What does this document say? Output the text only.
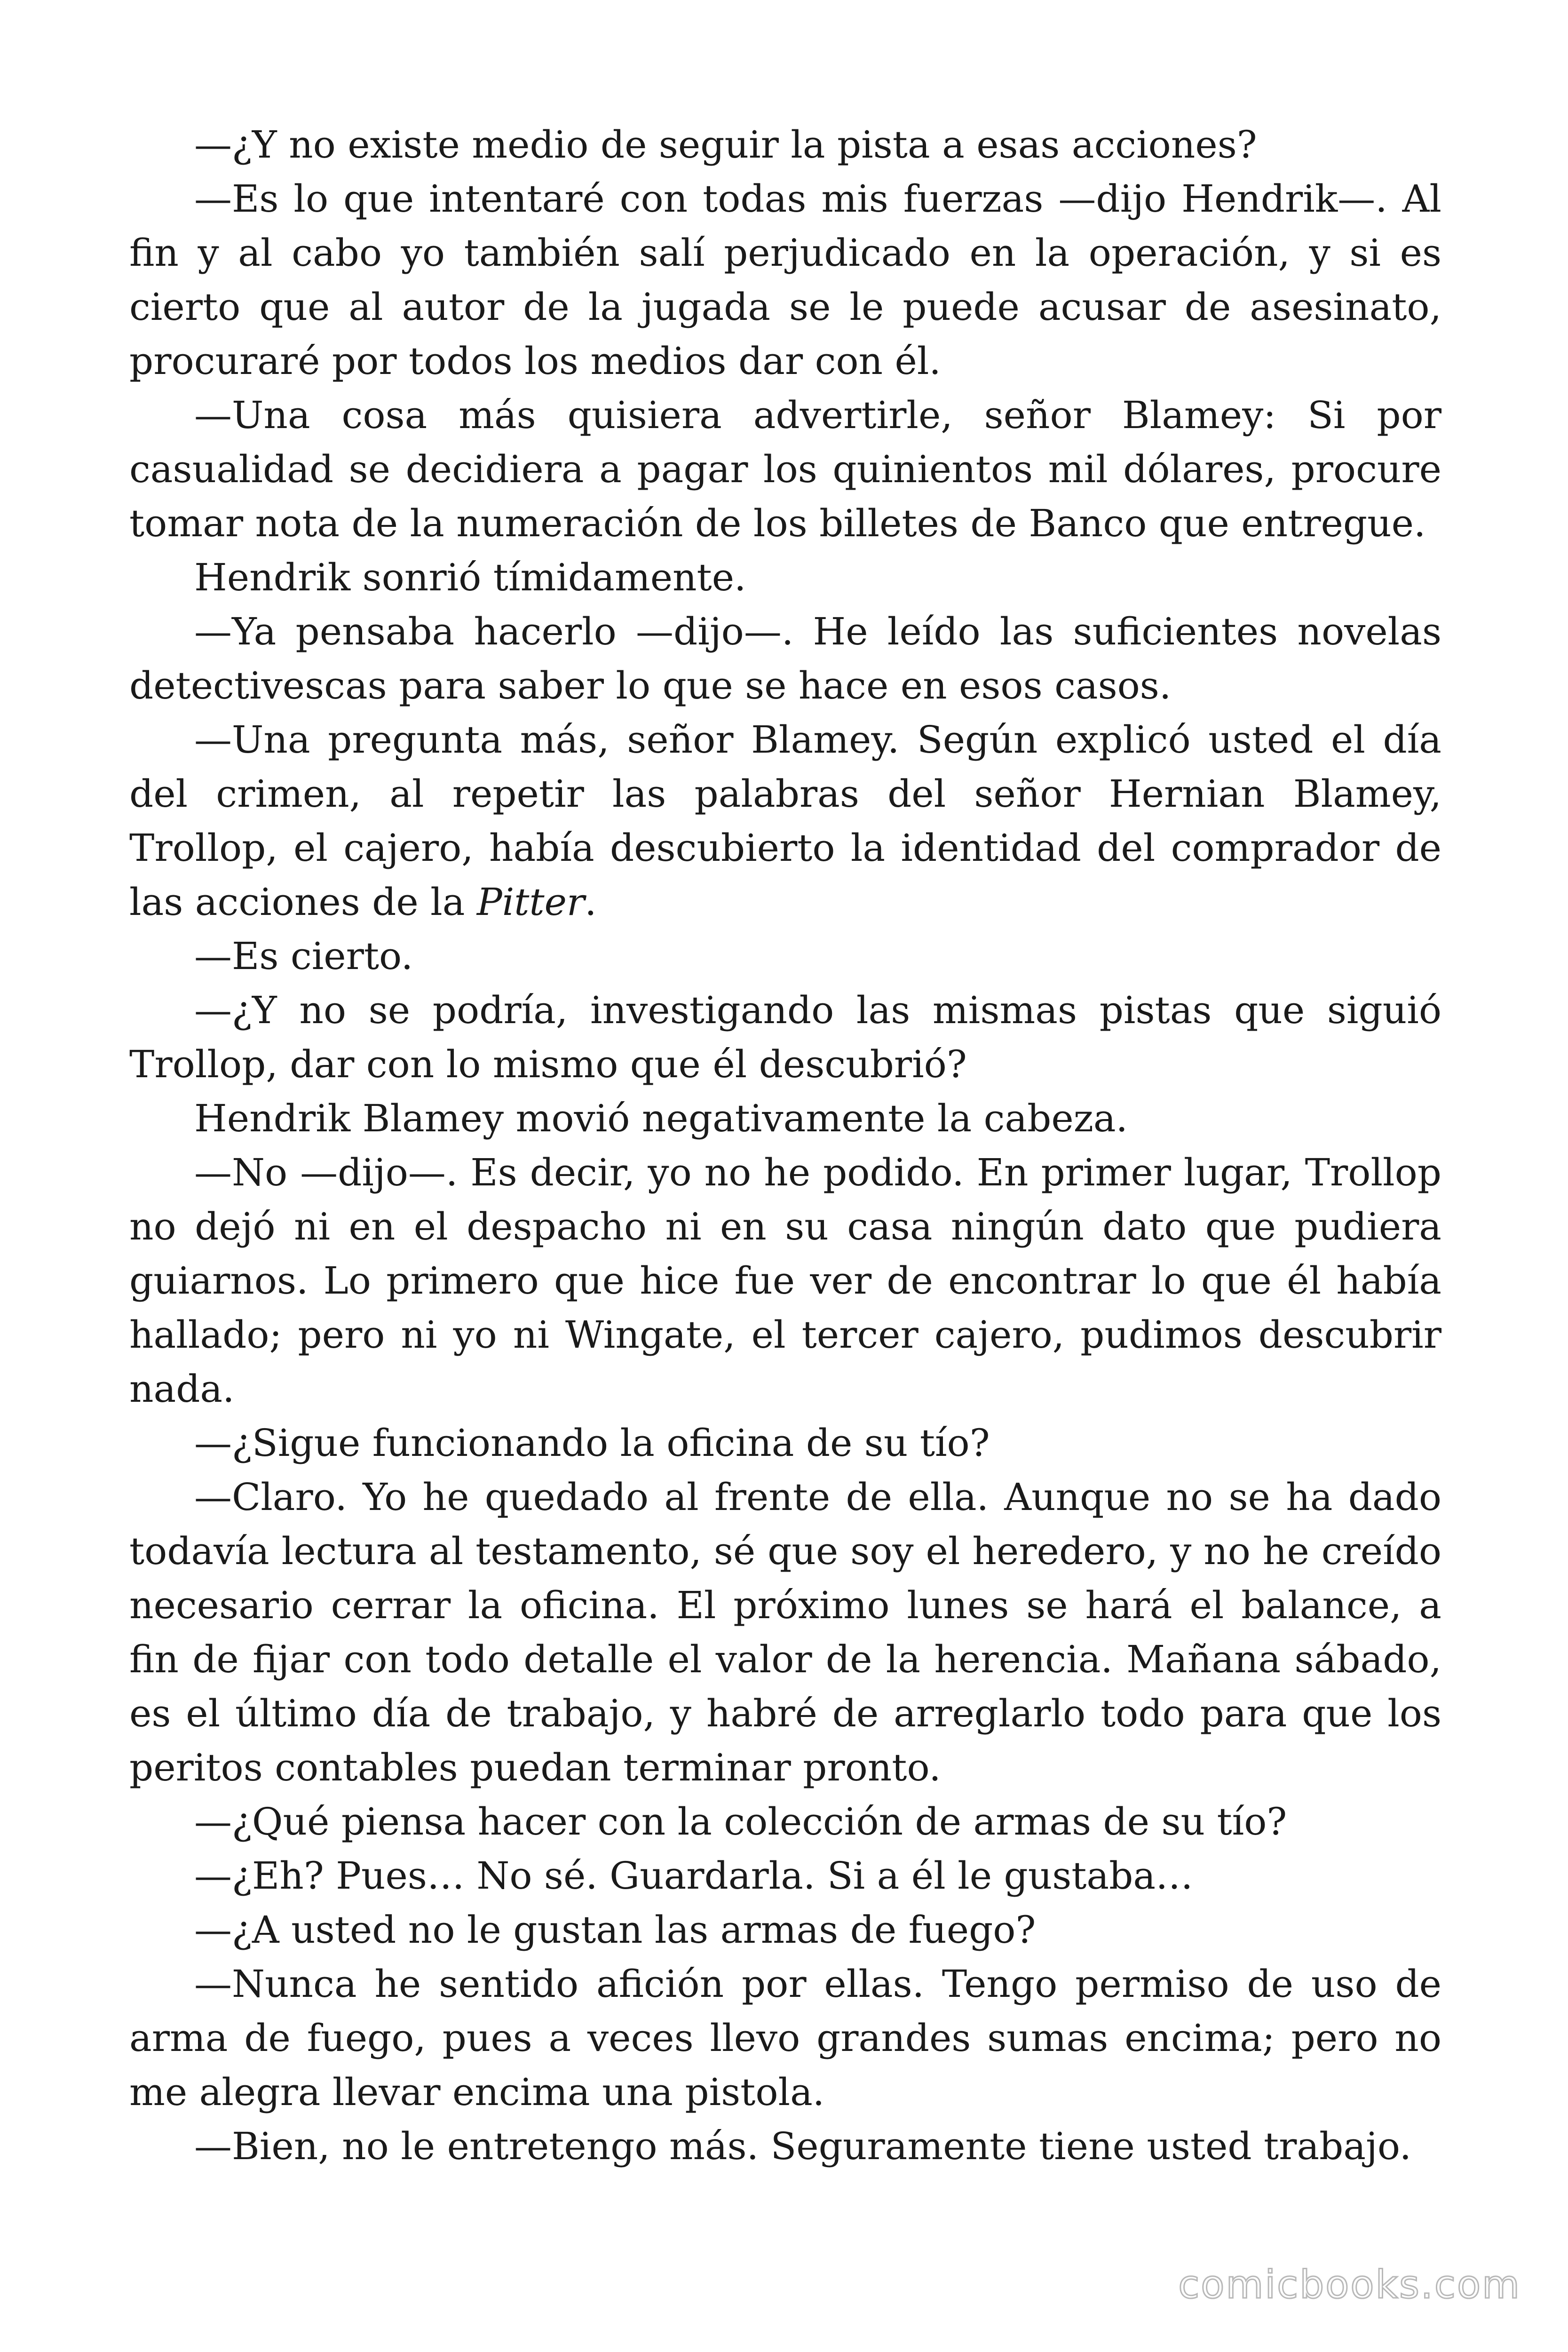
—¿Y no existe medio de seguir la pista a esas acciones?

—Es lo que intentaré con todas mis fuerzas —dijo Hendrik—. Al fin y al cabo yo también salí perjudicado en la operación, y si es cierto que al autor de la jugada se le puede acusar de asesinato, procuraré por todos los medios dar con él.

—Una cosa más quisiera advertirle, señor Blamey: Si por casualidad se decidiera a pagar los quinientos mil dólares, procure tomar nota de la numeración de los billetes de Banco que entregue.

Hendrik sonrió tímidamente.

—Ya pensaba hacerlo —dijo—. He leído las suficientes novelas detectivescas para saber lo que se hace en esos casos.

—Una pregunta más, señor Blamey. Según explicó usted el día del crimen, al repetir las palabras del señor Hernian Blamey, Trollop, el cajero, había descubierto la identidad del comprador de las acciones de la Pitter.

—Es cierto.

—¿Y no se podría, investigando las mismas pistas que siguió Trollop, dar con lo mismo que él descubrió?

Hendrik Blamey movió negativamente la cabeza.

—No —dijo—. Es decir, yo no he podido. En primer lugar, Trollop no dejó ni en el despacho ni en su casa ningún dato que pudiera guiarnos. Lo primero que hice fue ver de encontrar lo que él había hallado; pero ni yo ni Wingate, el tercer cajero, pudimos descubrir nada.

—¿Sigue funcionando la oficina de su tío?

—Claro. Yo he quedado al frente de ella. Aunque no se ha dado todavía lectura al testamento, sé que soy el heredero, y no he creído necesario cerrar la oficina. El próximo lunes se hará el balance, a fin de fijar con todo detalle el valor de la herencia. Mañana sábado, es el último día de trabajo, y habré de arreglarlo todo para que los peritos contables puedan terminar pronto.

—¿Qué piensa hacer con la colección de armas de su tío?

—¿Eh? Pues… No sé. Guardarla. Si a él le gustaba…

—¿A usted no le gustan las armas de fuego?

—Nunca he sentido afición por ellas. Tengo permiso de uso de arma de fuego, pues a veces llevo grandes sumas encima; pero no me alegra llevar encima una pistola.

—Bien, no le entretengo más. Seguramente tiene usted trabajo.

comicbooks.com
